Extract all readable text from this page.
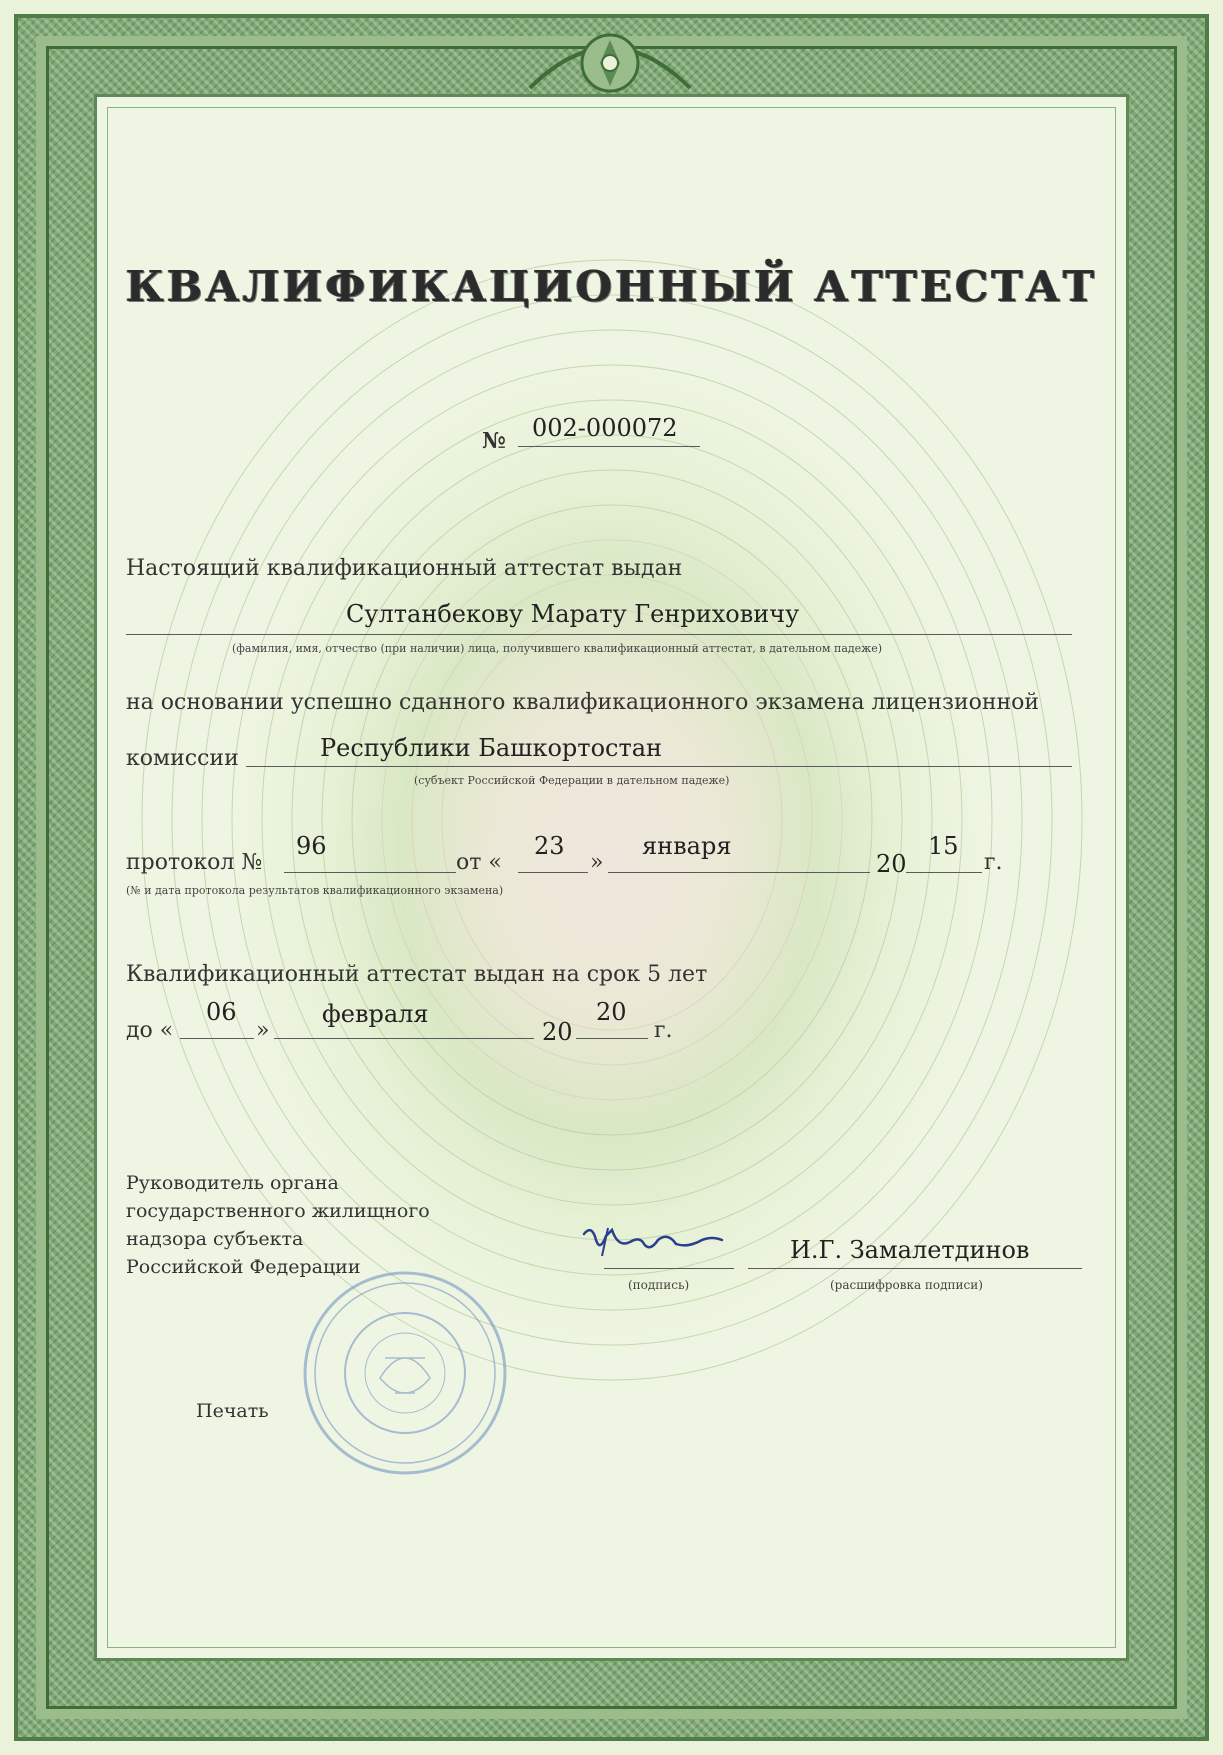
КВАЛИФИКАЦИОННЫЙ АТТЕСТАТ
№ 002-000072
Настоящий квалификационный аттестат выдан
Султанбекову Марату Генриховичу
(фамилия, имя, отчество (при наличии) лица, получившего квалификационный аттестат, в дательном падеже)
на основании успешно сданного квалификационного экзамена лицензионной
комиссии	Республики Башкортостан
(субъект Российской Федерации в дательном падеже)
протокол №
96
от «
23
»
января
20
15
г.
(№ и дата протокола результатов квалификационного экзамена)
Квалификационный аттестат выдан на срок 5 лет
до «
06
»
февраля
20
20
г.
Руководитель органа
государственного жилищного
надзора субъекта
Российской Федерации
(подпись)
И.Г. Замалетдинов
(расшифровка подписи)
Печать
